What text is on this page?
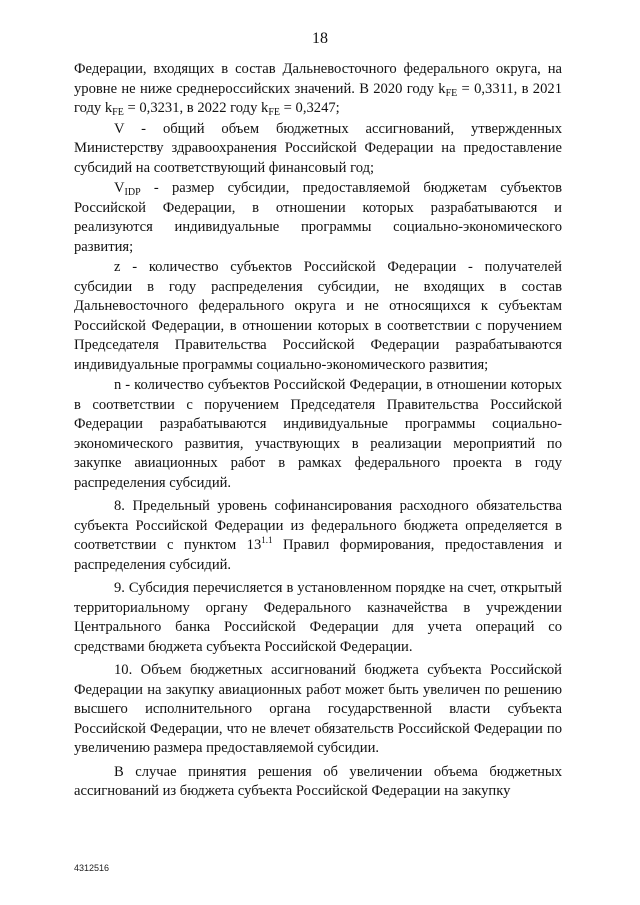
18

Федерации, входящих в состав Дальневосточного федерального округа, на уровне не ниже среднероссийских значений. В 2020 году $k_{FE} = 0,3311$, в 2021 году $k_{FE} = 0,3231$, в 2022 году $k_{FE} = 0,3247$;

V - общий объем бюджетных ассигнований, утвержденных Министерству здравоохранения Российской Федерации на предоставление субсидий на соответствующий финансовый год;

$V_{IDP}$ - размер субсидии, предоставляемой бюджетам субъектов Российской Федерации, в отношении которых разрабатываются и реализуются индивидуальные программы социально-экономического развития;

z - количество субъектов Российской Федерации - получателей субсидии в году распределения субсидии, не входящих в состав Дальневосточного федерального округа и не относящихся к субъектам Российской Федерации, в отношении которых в соответствии с поручением Председателя Правительства Российской Федерации разрабатываются индивидуальные программы социально-экономического развития;

n - количество субъектов Российской Федерации, в отношении которых в соответствии с поручением Председателя Правительства Российской Федерации разрабатываются индивидуальные программы социально-экономического развития, участвующих в реализации мероприятий по закупке авиационных работ в рамках федерального проекта в году распределения субсидий.

8. Предельный уровень софинансирования расходного обязательства субъекта Российской Федерации из федерального бюджета определяется в соответствии с пунктом $13^{1.1}$ Правил формирования, предоставления и распределения субсидий.

9. Субсидия перечисляется в установленном порядке на счет, открытый территориальному органу Федерального казначейства в учреждении Центрального банка Российской Федерации для учета операций со средствами бюджета субъекта Российской Федерации.

10. Объем бюджетных ассигнований бюджета субъекта Российской Федерации на закупку авиационных работ может быть увеличен по решению высшего исполнительного органа государственной власти субъекта Российской Федерации, что не влечет обязательств Российской Федерации по увеличению размера предоставляемой субсидии.

В случае принятия решения об увеличении объема бюджетных ассигнований из бюджета субъекта Российской Федерации на закупку

4312516
